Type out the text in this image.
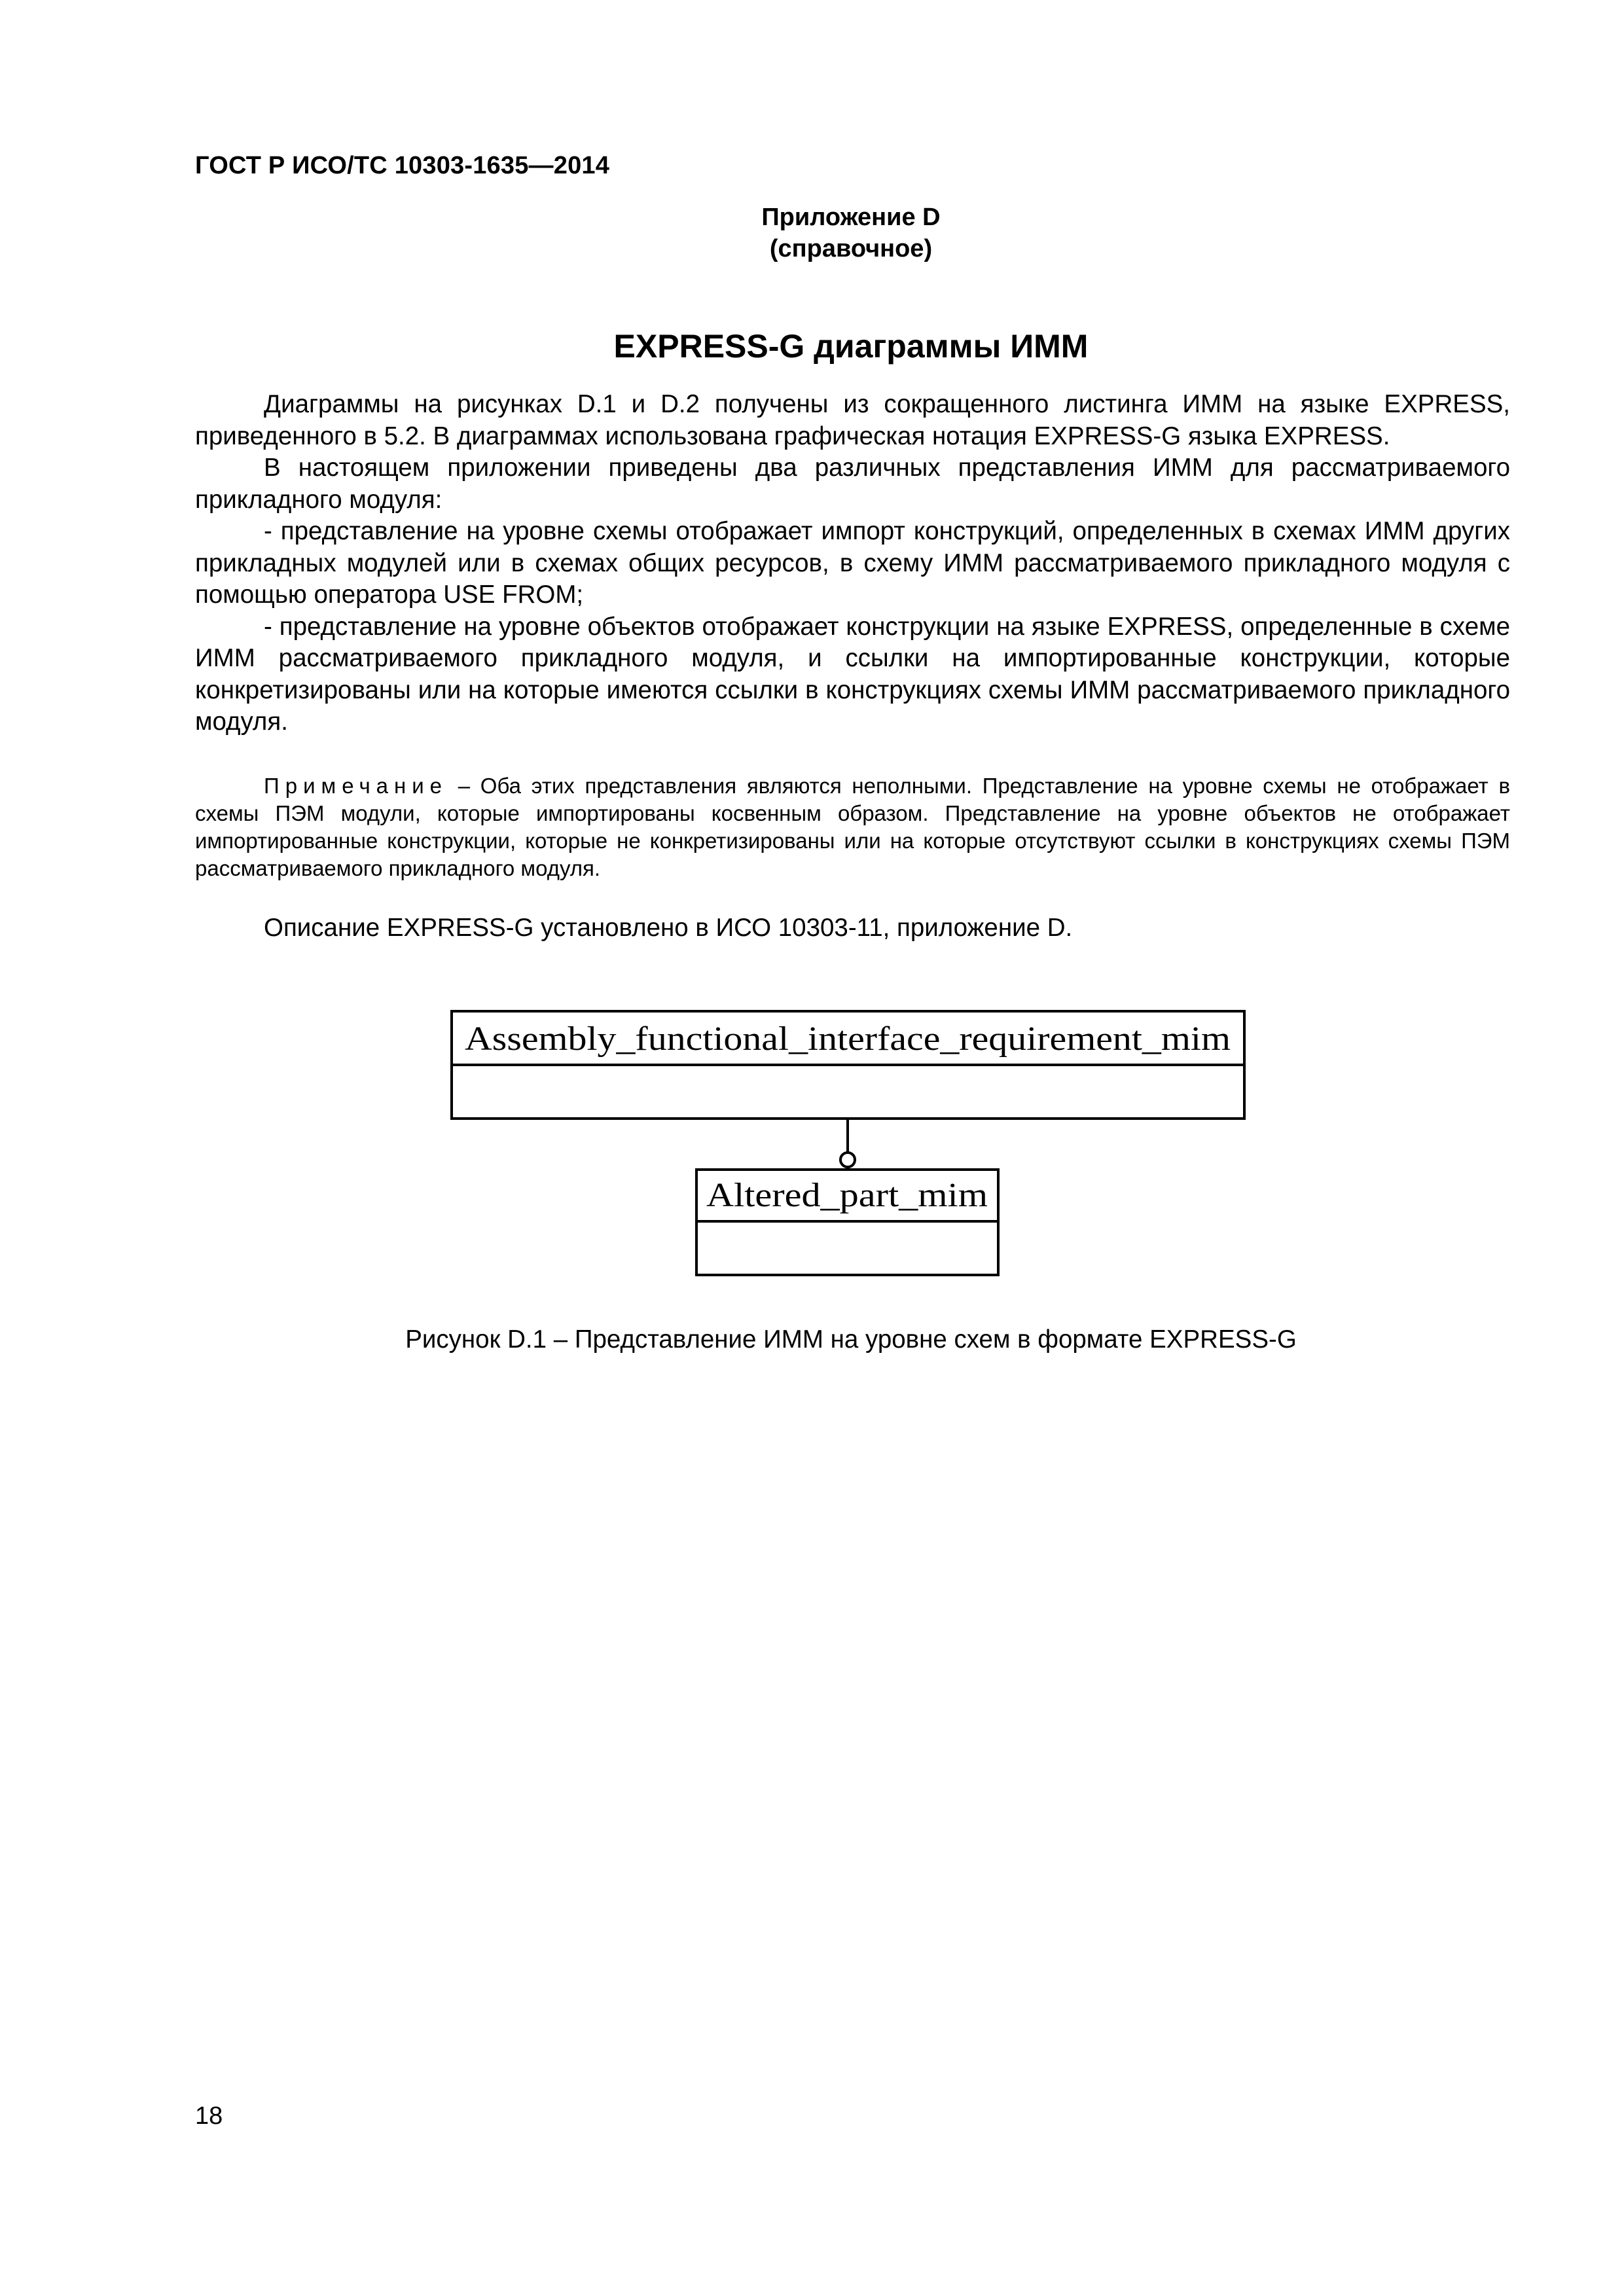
ГОСТ Р ИСО/ТС 10303-1635—2014
Приложение D
(справочное)
EXPRESS-G диаграммы ИММ

Диаграммы на рисунках D.1 и D.2 получены из сокращенного листинга ИММ на языке EXPRESS, приведенного в 5.2. В диаграммах использована графическая нотация EXPRESS-G языка EXPRESS.

В настоящем приложении приведены два различных представления ИММ для рассматриваемого прикладного модуля:

- представление на уровне схемы отображает импорт конструкций, определенных в схемах ИММ других прикладных модулей или в схемах общих ресурсов, в схему ИММ рассматриваемого прикладного модуля с помощью оператора USE FROM;

- представление на уровне объектов отображает конструкции на языке EXPRESS, определенные в схеме ИММ рассматриваемого прикладного модуля, и ссылки на импортированные конструкции, которые конкретизированы или на которые имеются ссылки в конструкциях схемы ИММ рассматриваемого прикладного модуля.

Примечание – Оба этих представления являются неполными. Представление на уровне схемы не отображает в схемы ПЭМ модули, которые импортированы косвенным образом. Представление на уровне объектов не отображает импортированные конструкции, которые не конкретизированы или на которые отсутствуют ссылки в конструкциях схемы ПЭМ рассматриваемого прикладного модуля.
Описание EXPRESS-G установлено в ИСО 10303-11, приложение D.
Assembly_functional_interface_requirement_mim
Altered_part_mim
Рисунок D.1 – Представление ИММ на уровне схем в формате EXPRESS-G
18
